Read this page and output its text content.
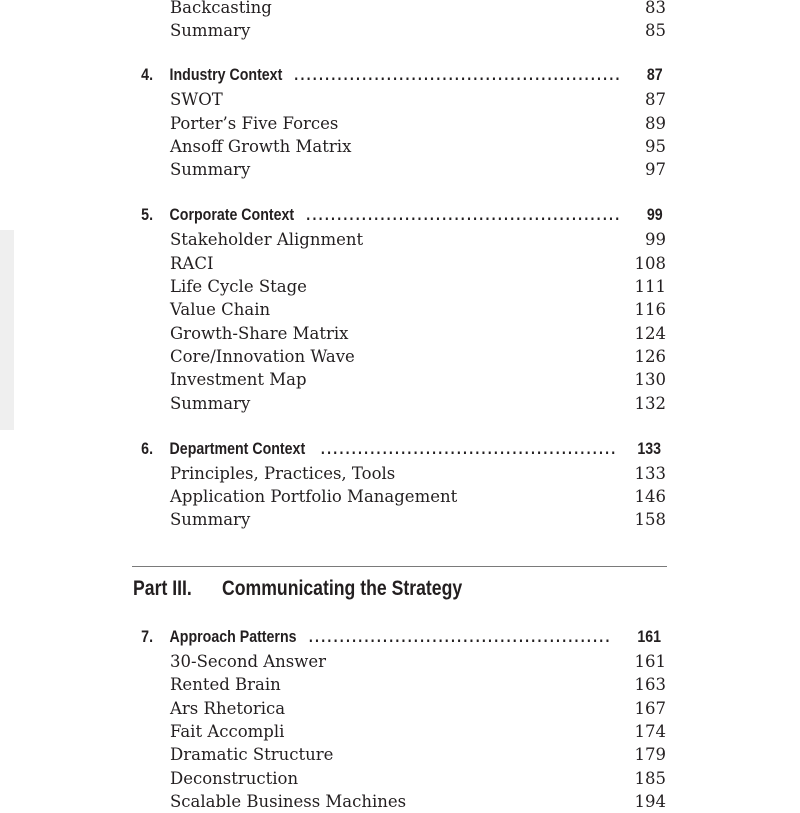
Backcasting	83
Summary	85
4. Industry Context .....................................................	87
SWOT	87
Porter’s Five Forces	89
Ansoff Growth Matrix	95
Summary	97
5. Corporate Context ...................................................	99
Stakeholder Alignment	99
RACI	108
Life Cycle Stage	111
Value Chain	116
Growth-Share Matrix	124
Core/Innovation Wave	126
Investment Map	130
Summary	132
6. Department Context ................................................	133
Principles, Practices, Tools	133
Application Portfolio Management	146
Summary	158
Part III. Communicating the Strategy
7. Approach Patterns .................................................	161
30-Second Answer	161
Rented Brain	163
Ars Rhetorica	167
Fait Accompli	174
Dramatic Structure	179
Deconstruction	185
Scalable Business Machines	194
